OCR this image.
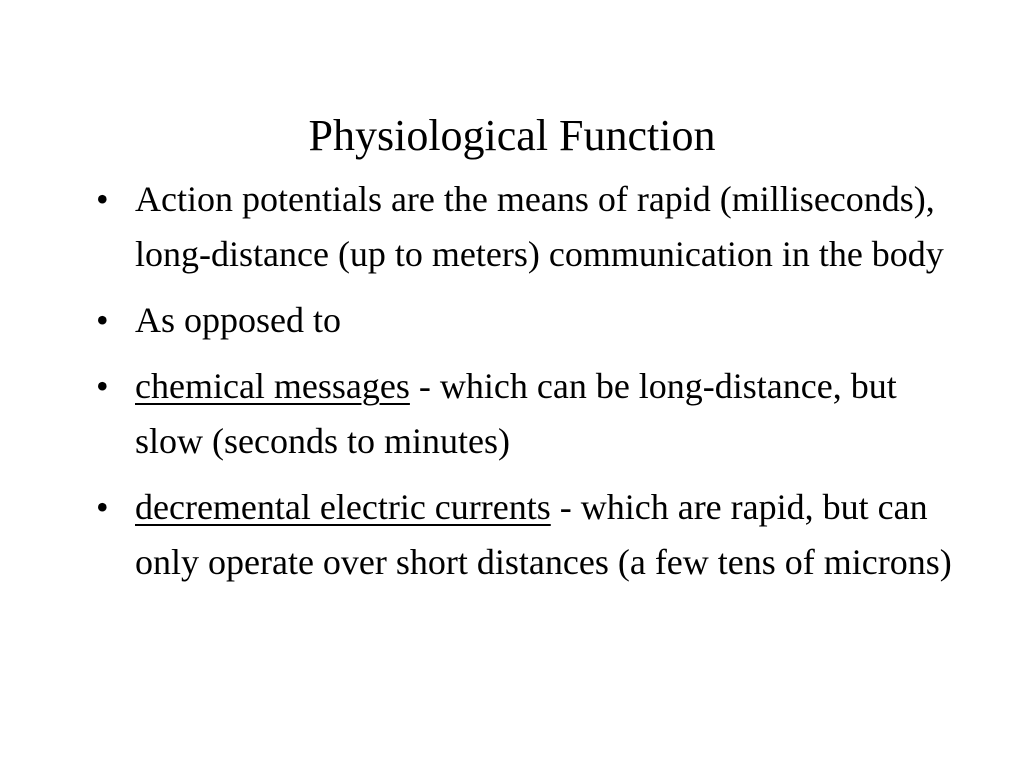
Physiological Function
• Action potentials are the means of rapid (milliseconds), long-distance (up to meters) communication in the body
• As opposed to
• chemical messages - which can be long-distance, but slow (seconds to minutes)
• decremental electric currents - which are rapid, but can only operate over short distances (a few tens of microns)
